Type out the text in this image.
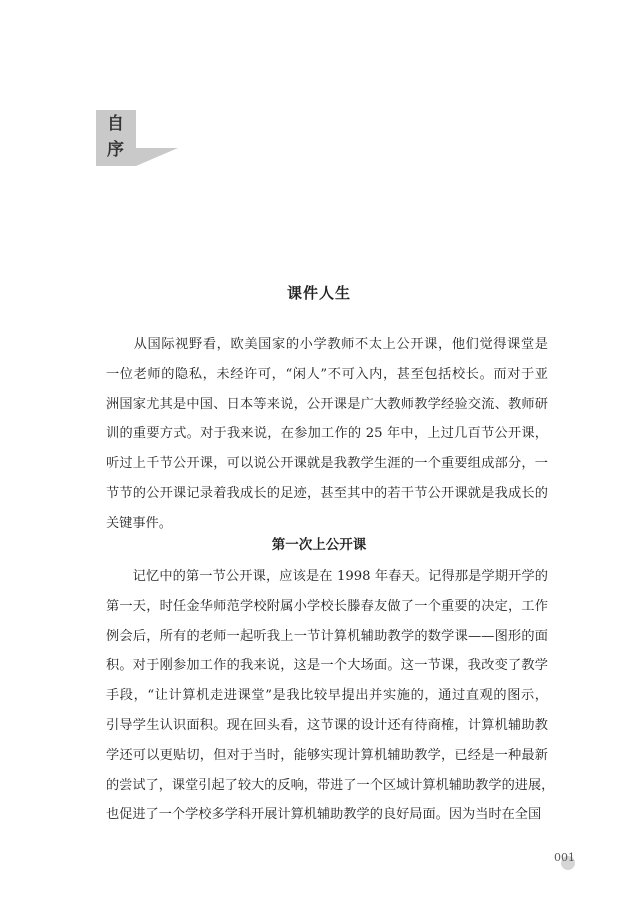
自
序
课件人生
　　从国际视野看，欧美国家的小学教师不太上公开课，他们觉得课堂是
一位老师的隐私，未经许可，“闲人”不可入内，甚至包括校长。而对于亚
洲国家尤其是中国、日本等来说，公开课是广大教师教学经验交流、教师研
训的重要方式。对于我来说，在参加工作的 25 年中，上过几百节公开课，
听过上千节公开课，可以说公开课就是我教学生涯的一个重要组成部分，一
节节的公开课记录着我成长的足迹，甚至其中的若干节公开课就是我成长的
关键事件。
第一次上公开课
　　记忆中的第一节公开课，应该是在 1998 年春天。记得那是学期开学的
第一天，时任金华师范学校附属小学校长滕春友做了一个重要的决定，工作
例会后，所有的老师一起听我上一节计算机辅助教学的数学课——图形的面
积。对于刚参加工作的我来说，这是一个大场面。这一节课，我改变了教学
手段，“让计算机走进课堂”是我比较早提出并实施的，通过直观的图示，
引导学生认识面积。现在回头看，这节课的设计还有待商榷，计算机辅助教
学还可以更贴切，但对于当时，能够实现计算机辅助教学，已经是一种最新
的尝试了，课堂引起了较大的反响，带进了一个区域计算机辅助教学的进展，
也促进了一个学校多学科开展计算机辅助教学的良好局面。因为当时在全国
001
